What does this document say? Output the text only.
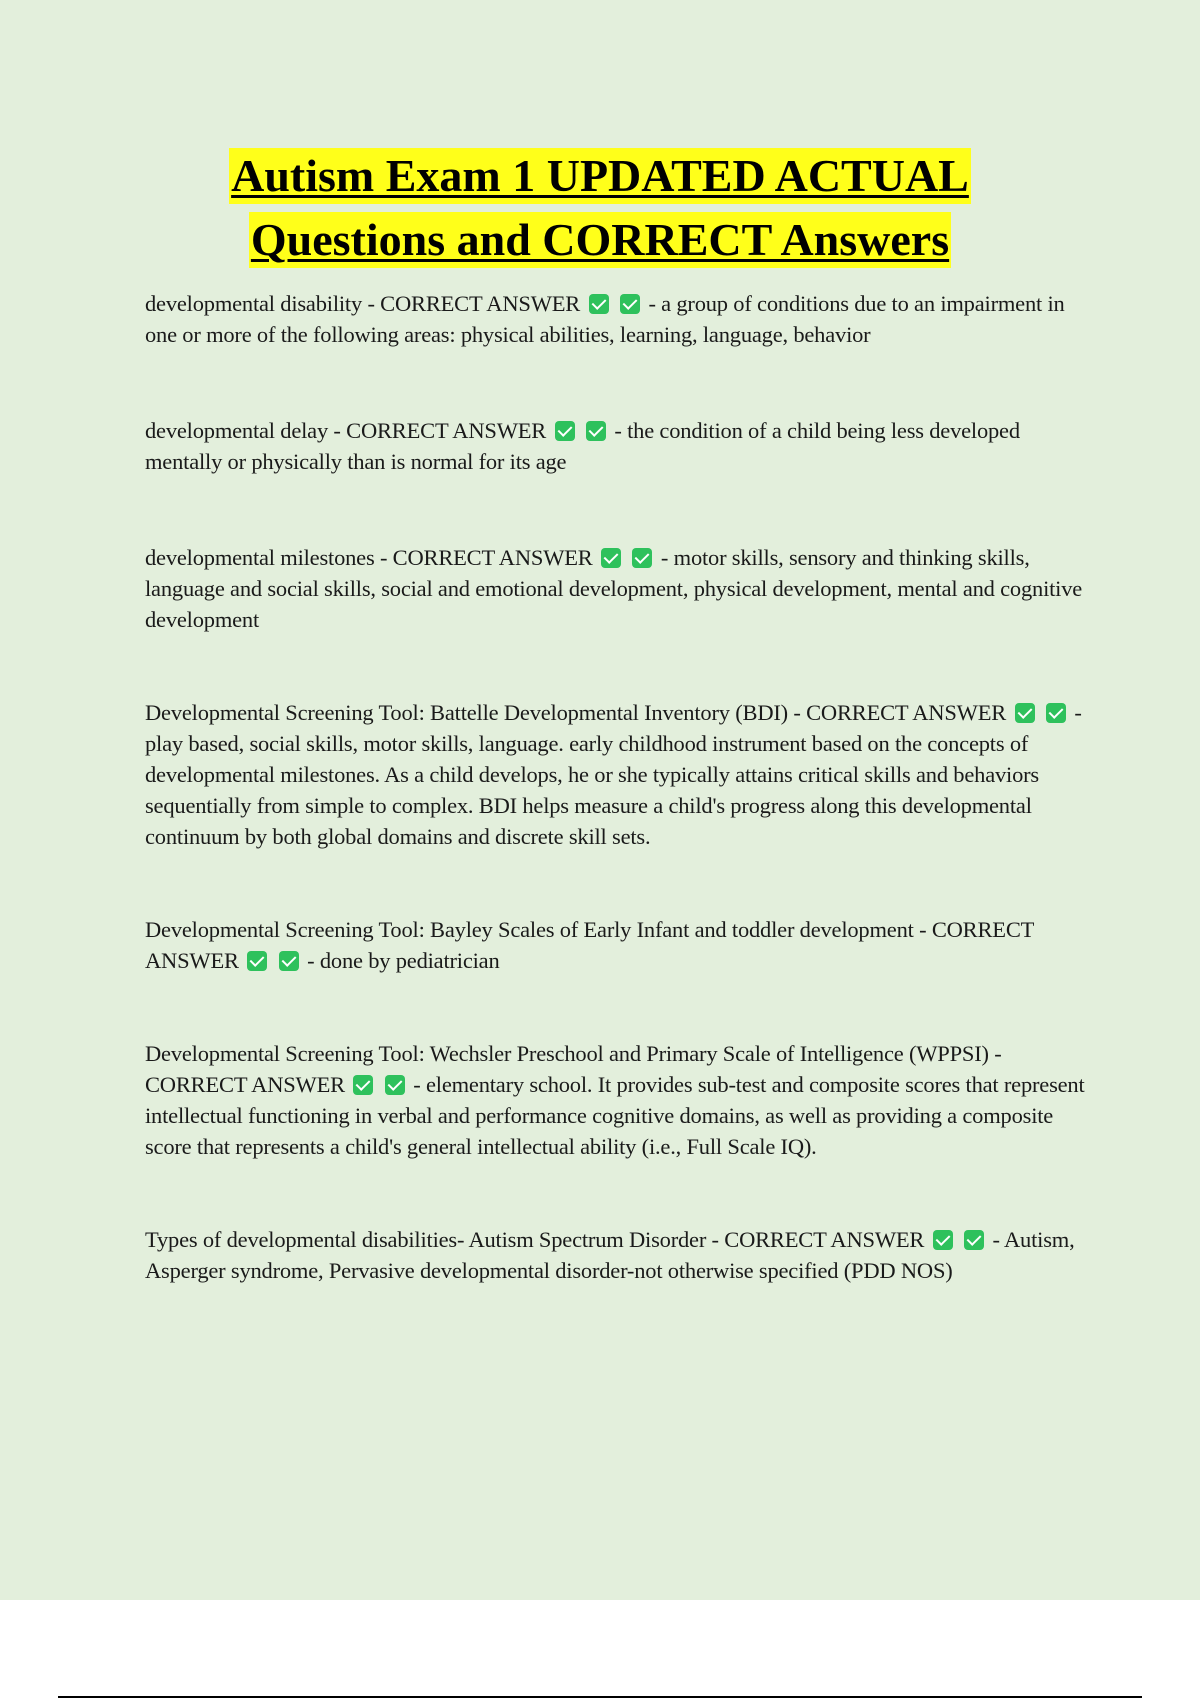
Autism Exam 1 UPDATED ACTUAL
Questions and CORRECT Answers

developmental disability - CORRECT ANSWER	- a group of conditions due to an impairment in one or more of the following areas: physical abilities, learning, language, behavior

developmental delay - CORRECT ANSWER	- the condition of a child being less developed mentally or physically than is normal for its age

developmental milestones - CORRECT ANSWER	- motor skills, sensory and thinking skills, language and social skills, social and emotional development, physical development, mental and cognitive development

Developmental Screening Tool: Battelle Developmental Inventory (BDI) - CORRECT ANSWER	- play based, social skills, motor skills, language. early childhood instrument based on the concepts of developmental milestones. As a child develops, he or she typically attains critical skills and behaviors sequentially from simple to complex. BDI helps measure a child's progress along this developmental continuum by both global domains and discrete skill sets.

Developmental Screening Tool: Bayley Scales of Early Infant and toddler development - CORRECT ANSWER	- done by pediatrician

Developmental Screening Tool: Wechsler Preschool and Primary Scale of Intelligence (WPPSI) - CORRECT ANSWER	- elementary school. It provides sub-test and composite scores that represent intellectual functioning in verbal and performance cognitive domains, as well as providing a composite score that represents a child's general intellectual ability (i.e., Full Scale IQ).

Types of developmental disabilities- Autism Spectrum Disorder - CORRECT ANSWER	- Autism, Asperger syndrome, Pervasive developmental disorder-not otherwise specified (PDD NOS)
